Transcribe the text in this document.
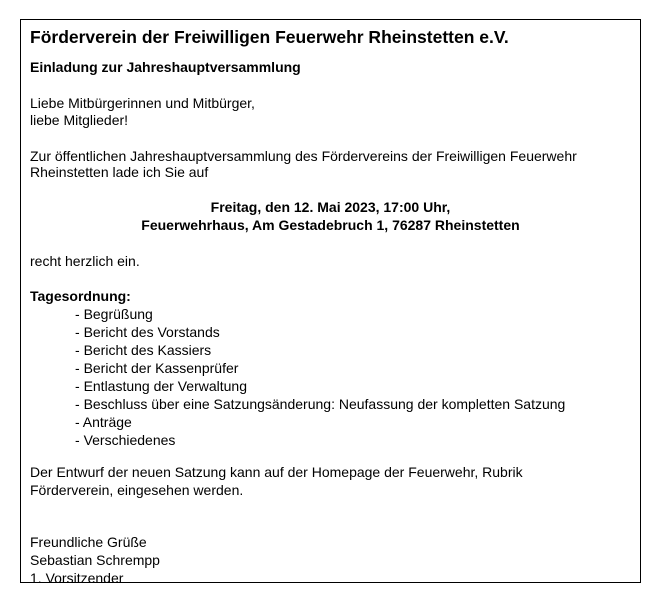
Förderverein der Freiwilligen Feuerwehr Rheinstetten e.V.
Einladung zur Jahreshauptversammlung
Liebe Mitbürgerinnen und Mitbürger,
liebe Mitglieder!
Zur öffentlichen Jahreshauptversammlung des Fördervereins der Freiwilligen Feuerwehr
Rheinstetten lade ich Sie auf
Freitag, den 12. Mai 2023, 17:00 Uhr,
Feuerwehrhaus, Am Gestadebruch 1, 76287 Rheinstetten
recht herzlich ein.
Tagesordnung:
- Begrüßung
- Bericht des Vorstands
- Bericht des Kassiers
- Bericht der Kassenprüfer
- Entlastung der Verwaltung
- Beschluss über eine Satzungsänderung: Neufassung der kompletten Satzung
- Anträge
- Verschiedenes
Der Entwurf der neuen Satzung kann auf der Homepage der Feuerwehr, Rubrik
Förderverein, eingesehen werden.
Freundliche Grüße
Sebastian Schrempp
1. Vorsitzender
